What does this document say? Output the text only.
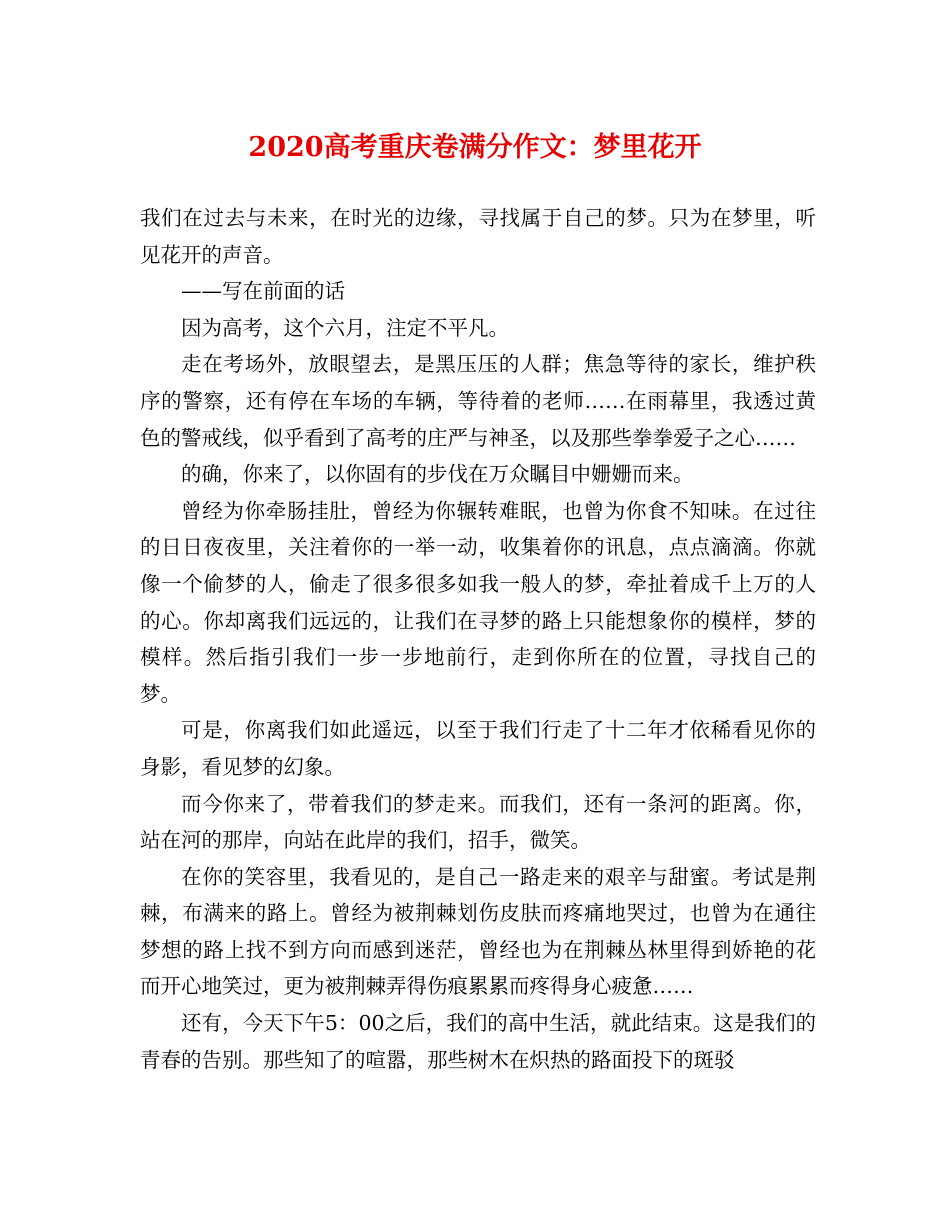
2020高考重庆卷满分作文：梦里花开

我们在过去与未来，在时光的边缘，寻找属于自己的梦。只为在梦里，听见花开的声音。

——写在前面的话

因为高考，这个六月，注定不平凡。

走在考场外，放眼望去，是黑压压的人群；焦急等待的家长，维护秩序的警察，还有停在车场的车辆，等待着的老师……在雨幕里，我透过黄色的警戒线，似乎看到了高考的庄严与神圣，以及那些拳拳爱子之心……

的确，你来了，以你固有的步伐在万众瞩目中姗姗而来。

曾经为你牵肠挂肚，曾经为你辗转难眠，也曾为你食不知味。在过往的日日夜夜里，关注着你的一举一动，收集着你的讯息，点点滴滴。你就像一个偷梦的人，偷走了很多很多如我一般人的梦，牵扯着成千上万的人的心。你却离我们远远的，让我们在寻梦的路上只能想象你的模样，梦的模样。然后指引我们一步一步地前行，走到你所在的位置，寻找自己的梦。

可是，你离我们如此遥远，以至于我们行走了十二年才依稀看见你的身影，看见梦的幻象。

而今你来了，带着我们的梦走来。而我们，还有一条河的距离。你，站在河的那岸，向站在此岸的我们，招手，微笑。

在你的笑容里，我看见的，是自己一路走来的艰辛与甜蜜。考试是荆棘，布满来的路上。曾经为被荆棘划伤皮肤而疼痛地哭过，也曾为在通往梦想的路上找不到方向而感到迷茫，曾经也为在荆棘丛林里得到娇艳的花而开心地笑过，更为被荆棘弄得伤痕累累而疼得身心疲惫……

还有，今天下午5：00之后，我们的高中生活，就此结束。这是我们的青春的告别。那些知了的喧嚣，那些树木在炽热的路面投下的斑驳
